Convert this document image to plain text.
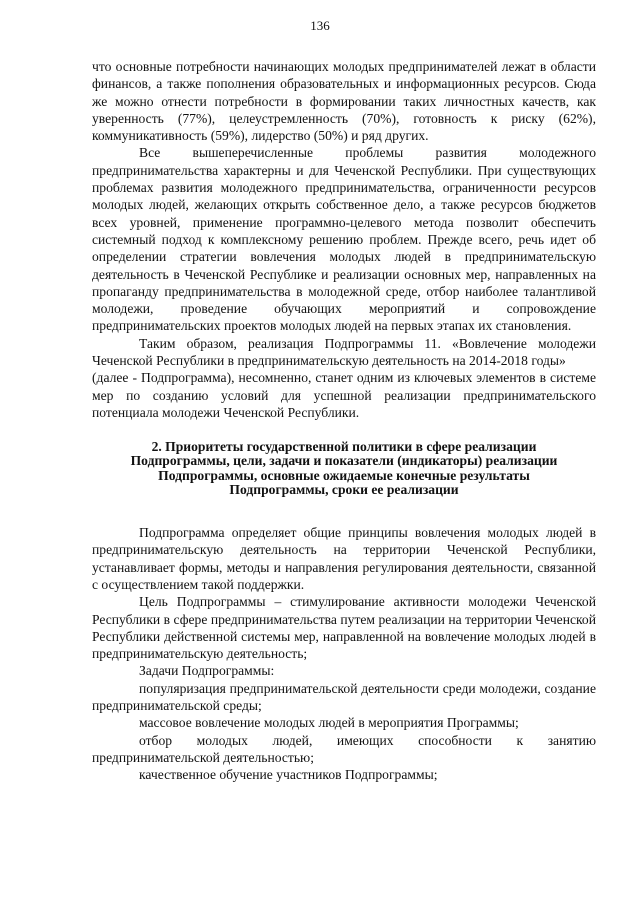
136

что основные потребности начинающих молодых предпринимателей лежат в области финансов, а также пополнения образовательных и информационных ресурсов. Сюда же можно отнести потребности в формировании таких личностных качеств, как уверенность (77%), целеустремленность (70%), готовность к риску (62%), коммуникативность (59%), лидерство (50%) и ряд других.

Все вышеперечисленные проблемы развития молодежного предпринимательства характерны и для Чеченской Республики. При существующих проблемах развития молодежного предпринимательства, ограниченности ресурсов молодых людей, желающих открыть собственное дело, а также ресурсов бюджетов всех уровней, применение программно-целевого метода позволит обеспечить системный подход к комплексному решению проблем. Прежде всего, речь идет об определении стратегии вовлечения молодых людей в предпринимательскую деятельность в Чеченской Республике и реализации основных мер, направленных на пропаганду предпринимательства в молодежной среде, отбор наиболее талантливой молодежи, проведение обучающих мероприятий и сопровождение предпринимательских проектов молодых людей на первых этапах их становления.

Таким образом, реализация Подпрограммы 11. «Вовлечение молодежи Чеченской Республики в предпринимательскую деятельность на 2014-2018 годы»

(далее - Подпрограмма), несомненно, станет одним из ключевых элементов в системе мер по созданию условий для успешной реализации предпринимательского потенциала молодежи Чеченской Республики.

2. Приоритеты государственной политики в сфере реализации
Подпрограммы, цели, задачи и показатели (индикаторы) реализации
Подпрограммы, основные ожидаемые конечные результаты
Подпрограммы, сроки ее реализации

Подпрограмма определяет общие принципы вовлечения молодых людей в предпринимательскую деятельность на территории Чеченской Республики, устанавливает формы, методы и направления регулирования деятельности, связанной с осуществлением такой поддержки.

Цель Подпрограммы – стимулирование активности молодежи Чеченской Республики в сфере предпринимательства путем реализации на территории Чеченской Республики действенной системы мер, направленной на вовлечение молодых людей в предпринимательскую деятельность;

Задачи Подпрограммы:

популяризация предпринимательской деятельности среди молодежи, создание предпринимательской среды;

массовое вовлечение молодых людей в мероприятия Программы;

отбор молодых людей, имеющих способности к занятию предпринимательской деятельностью;

качественное обучение участников Подпрограммы;
